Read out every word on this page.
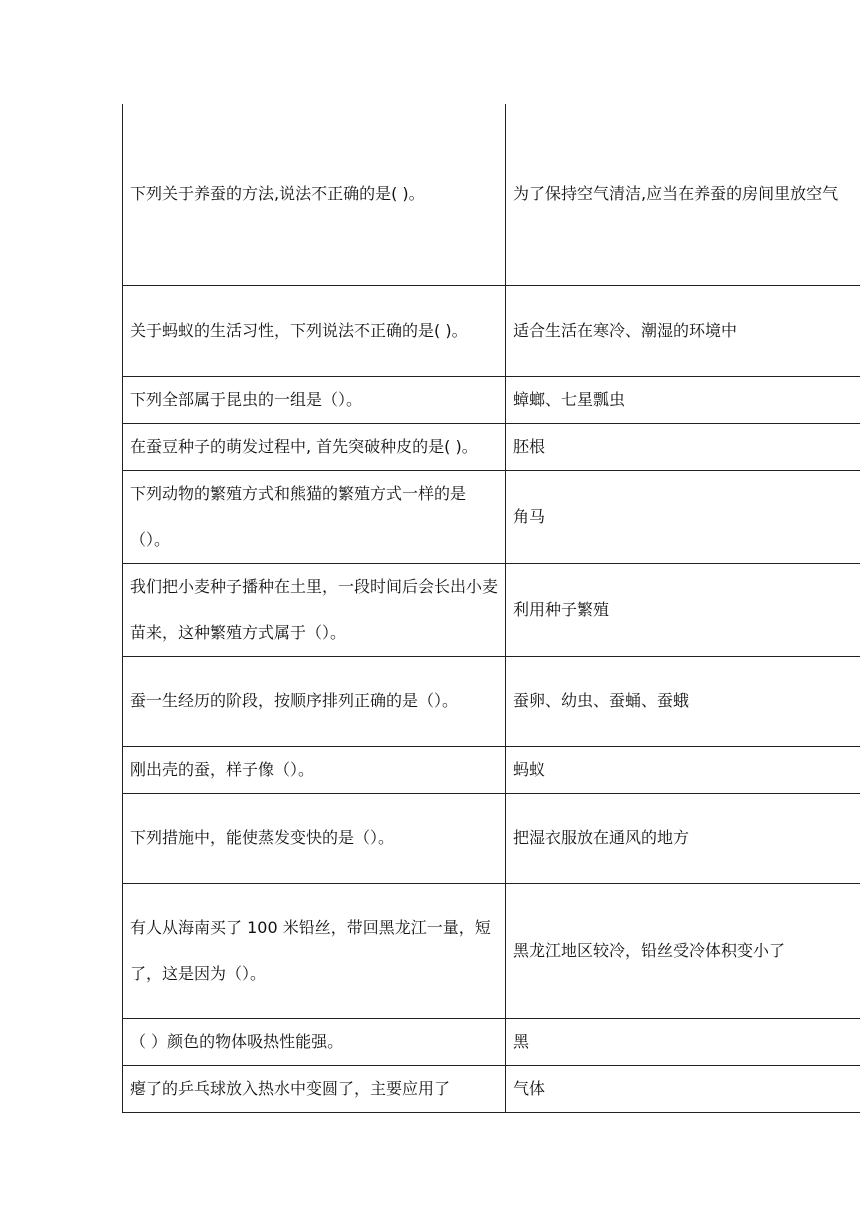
下列关于养蚕的方法,说法不正确的是( )。	为了保持空气清洁,应当在养蚕的房间里放空气
关于蚂蚁的生活习性，下列说法不正确的是( )。	适合生活在寒冷、潮湿的环境中
下列全部属于昆虫的一组是（）。	蟑螂、七星瓢虫
在蚕豆种子的萌发过程中, 首先突破种皮的是( )。	胚根
下列动物的繁殖方式和熊猫的繁殖方式一样的是（）。	角马
我们把小麦种子播种在土里，一段时间后会长出小麦苗来，这种繁殖方式属于（）。	利用种子繁殖
蚕一生经历的阶段，按顺序排列正确的是（）。	蚕卵、幼虫、蚕蛹、蚕蛾
刚出壳的蚕，样子像（）。	蚂蚁
下列措施中，能使蒸发变快的是（）。	把湿衣服放在通风的地方
有人从海南买了 100 米铅丝，带回黑龙江一量，短了，这是因为（）。	黑龙江地区较冷，铅丝受冷体积变小了
（ ）颜色的物体吸热性能强。	黑
瘪了的乒乓球放入热水中变圆了，主要应用了	气体
